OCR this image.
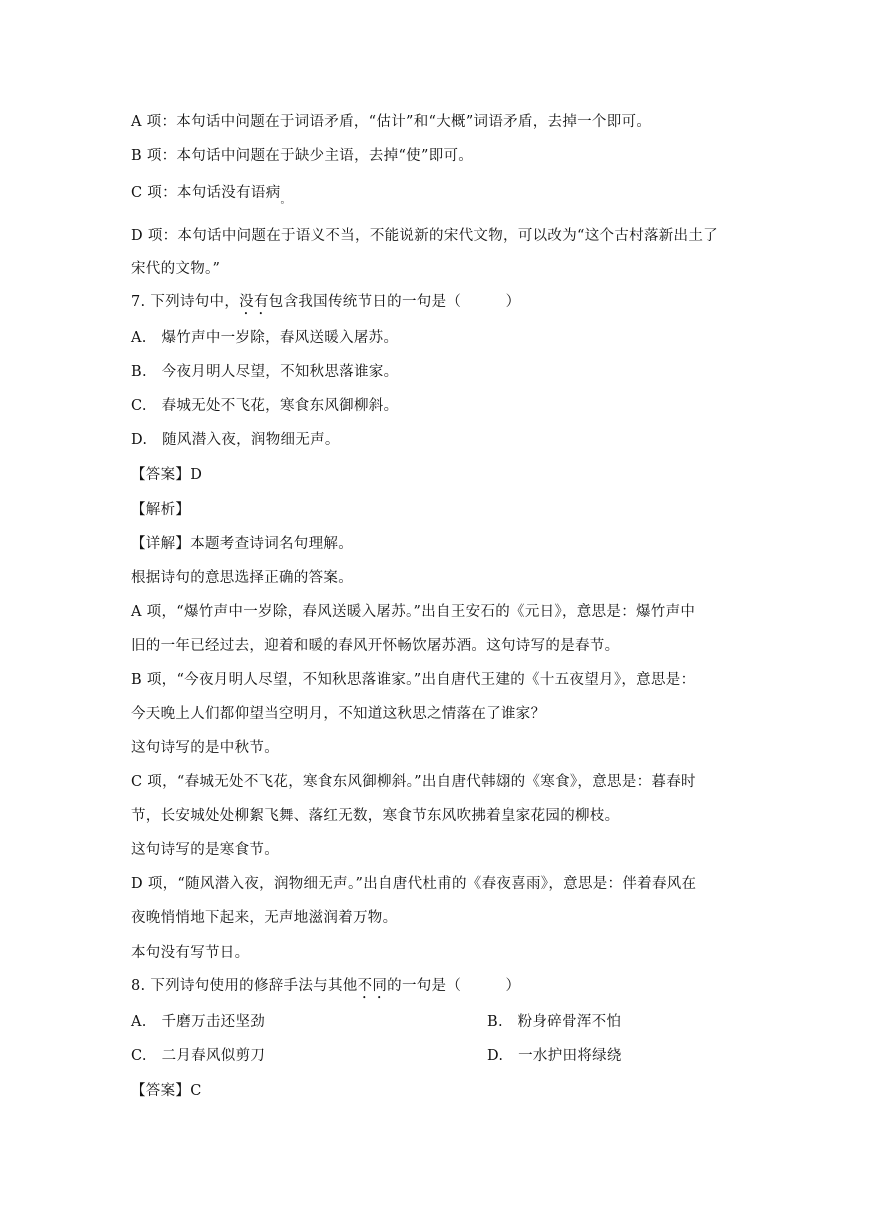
A 项：本句话中问题在于词语矛盾，“估计”和“大概”词语矛盾，去掉一个即可。
B 项：本句话中问题在于缺少主语，去掉“使”即可。
C 项：本句话没有语病$_。$
D 项：本句话中问题在于语义不当，不能说新的宋代文物，可以改为“这个古村落新出土了
宋代的文物。”
7. 下列诗句中，没有包含我国传统节日的一句是（　　　）
A.　爆竹声中一岁除，春风送暖入屠苏。
B.　今夜月明人尽望，不知秋思落谁家。
C.　春城无处不飞花，寒食东风御柳斜。
D.　随风潜入夜，润物细无声。
【答案】D
【解析】
【详解】本题考查诗词名句理解。
根据诗句的意思选择正确的答案。
A 项，“爆竹声中一岁除，春风送暖入屠苏。”出自王安石的《元日》，意思是：爆竹声中
旧的一年已经过去，迎着和暖的春风开怀畅饮屠苏酒。这句诗写的是春节。
B 项，“今夜月明人尽望，不知秋思落谁家。”出自唐代王建的《十五夜望月》，意思是：
今天晚上人们都仰望当空明月，不知道这秋思之情落在了谁家？
这句诗写的是中秋节。
C 项，“春城无处不飞花，寒食东风御柳斜。”出自唐代韩翃的《寒食》，意思是：暮春时
节，长安城处处柳絮飞舞、落红无数，寒食节东风吹拂着皇家花园的柳枝。
这句诗写的是寒食节。
D 项，“随风潜入夜，润物细无声。”出自唐代杜甫的《春夜喜雨》，意思是：伴着春风在
夜晚悄悄地下起来，无声地滋润着万物。
本句没有写节日。
8. 下列诗句使用的修辞手法与其他不同的一句是（　　　）
A.　千磨万击还坚劲	B.　粉身碎骨浑不怕
C.　二月春风似剪刀	D.　一水护田将绿绕
【答案】C
